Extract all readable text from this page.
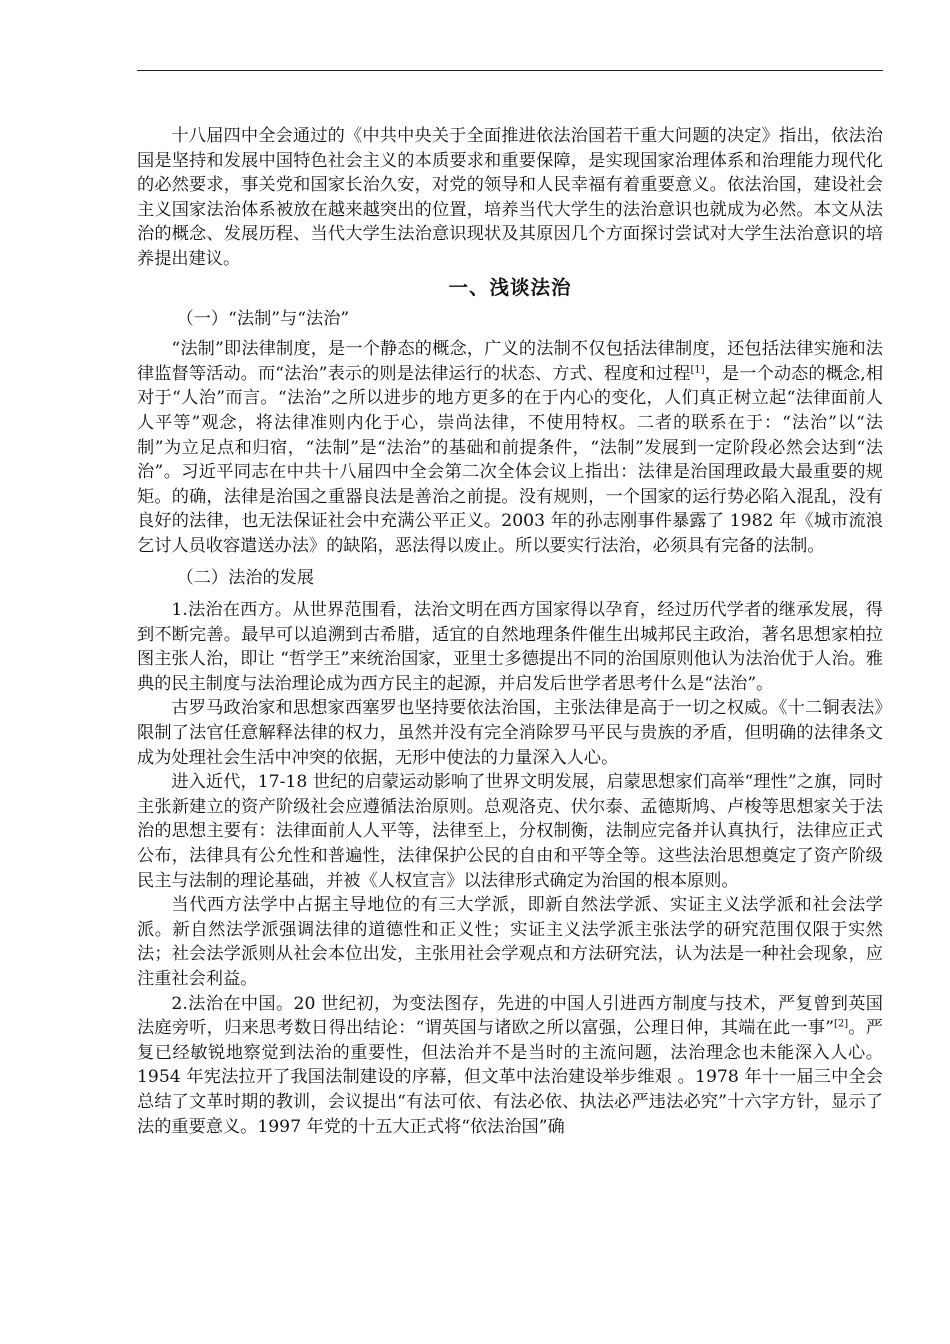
十八届四中全会通过的《中共中央关于全面推进依法治国若干重大问题的决定》指出，依法治国是坚持和发展中国特色社会主义的本质要求和重要保障，是实现国家治理体系和治理能力现代化的必然要求，事关党和国家长治久安，对党的领导和人民幸福有着重要意义。依法治国，建设社会主义国家法治体系被放在越来越突出的位置，培养当代大学生的法治意识也就成为必然。本文从法治的概念、发展历程、当代大学生法治意识现状及其原因几个方面探讨尝试对大学生法治意识的培养提出建议。

一、浅谈法治
（一）“法制”与“法治”

“法制”即法律制度，是一个静态的概念，广义的法制不仅包括法律制度，还包括法律实施和法律监督等活动。而“法治”表示的则是法律运行的状态、方式、程度和过程[1]，是一个动态的概念,相对于“人治”而言。“法治”之所以进步的地方更多的在于内心的变化，人们真正树立起“法律面前人人平等”观念，将法律准则内化于心，崇尚法律，不使用特权。二者的联系在于：“法治”以“法制”为立足点和归宿，“法制”是“法治”的基础和前提条件，“法制”发展到一定阶段必然会达到“法治”。习近平同志在中共十八届四中全会第二次全体会议上指出：法律是治国理政最大最重要的规矩。的确，法律是治国之重器良法是善治之前提。没有规则，一个国家的运行势必陷入混乱，没有良好的法律，也无法保证社会中充满公平正义。2003 年的孙志刚事件暴露了 1982 年《城市流浪乞讨人员收容遣送办法》的缺陷，恶法得以废止。所以要实行法治，必须具有完备的法制。

（二）法治的发展

1.法治在西方。从世界范围看，法治文明在西方国家得以孕育，经过历代学者的继承发展，得到不断完善。最早可以追溯到古希腊，适宜的自然地理条件催生出城邦民主政治，著名思想家柏拉图主张人治，即让 “哲学王”来统治国家，亚里士多德提出不同的治国原则他认为法治优于人治。雅典的民主制度与法治理论成为西方民主的起源，并启发后世学者思考什么是“法治”。

古罗马政治家和思想家西塞罗也坚持要依法治国，主张法律是高于一切之权威。《十二铜表法》限制了法官任意解释法律的权力，虽然并没有完全消除罗马平民与贵族的矛盾，但明确的法律条文成为处理社会生活中冲突的依据，无形中使法的力量深入人心。

进入近代，17-18 世纪的启蒙运动影响了世界文明发展，启蒙思想家们高举“理性”之旗，同时主张新建立的资产阶级社会应遵循法治原则。总观洛克、伏尔泰、孟德斯鸠、卢梭等思想家关于法治的思想主要有：法律面前人人平等，法律至上，分权制衡，法制应完备并认真执行，法律应正式公布，法律具有公允性和普遍性，法律保护公民的自由和平等全等。这些法治思想奠定了资产阶级民主与法制的理论基础，并被《人权宣言》以法律形式确定为治国的根本原则。

当代西方法学中占据主导地位的有三大学派，即新自然法学派、实证主义法学派和社会法学派。新自然法学派强调法律的道德性和正义性；实证主义法学派主张法学的研究范围仅限于实然法；社会法学派则从社会本位出发，主张用社会学观点和方法研究法，认为法是一种社会现象，应注重社会利益。

2.法治在中国。20 世纪初，为变法图存，先进的中国人引进西方制度与技术，严复曾到英国法庭旁听，归来思考数日得出结论：“谓英国与诸欧之所以富强，公理日伸，其端在此一事”[2]。严复已经敏锐地察觉到法治的重要性，但法治并不是当时的主流问题，法治理念也未能深入人心。1954 年宪法拉开了我国法制建设的序幕，但文革中法治建设举步维艰 。1978 年十一届三中全会总结了文革时期的教训，会议提出“有法可依、有法必依、执法必严违法必究”十六字方针，显示了法的重要意义。1997 年党的十五大正式将“依法治国”确
